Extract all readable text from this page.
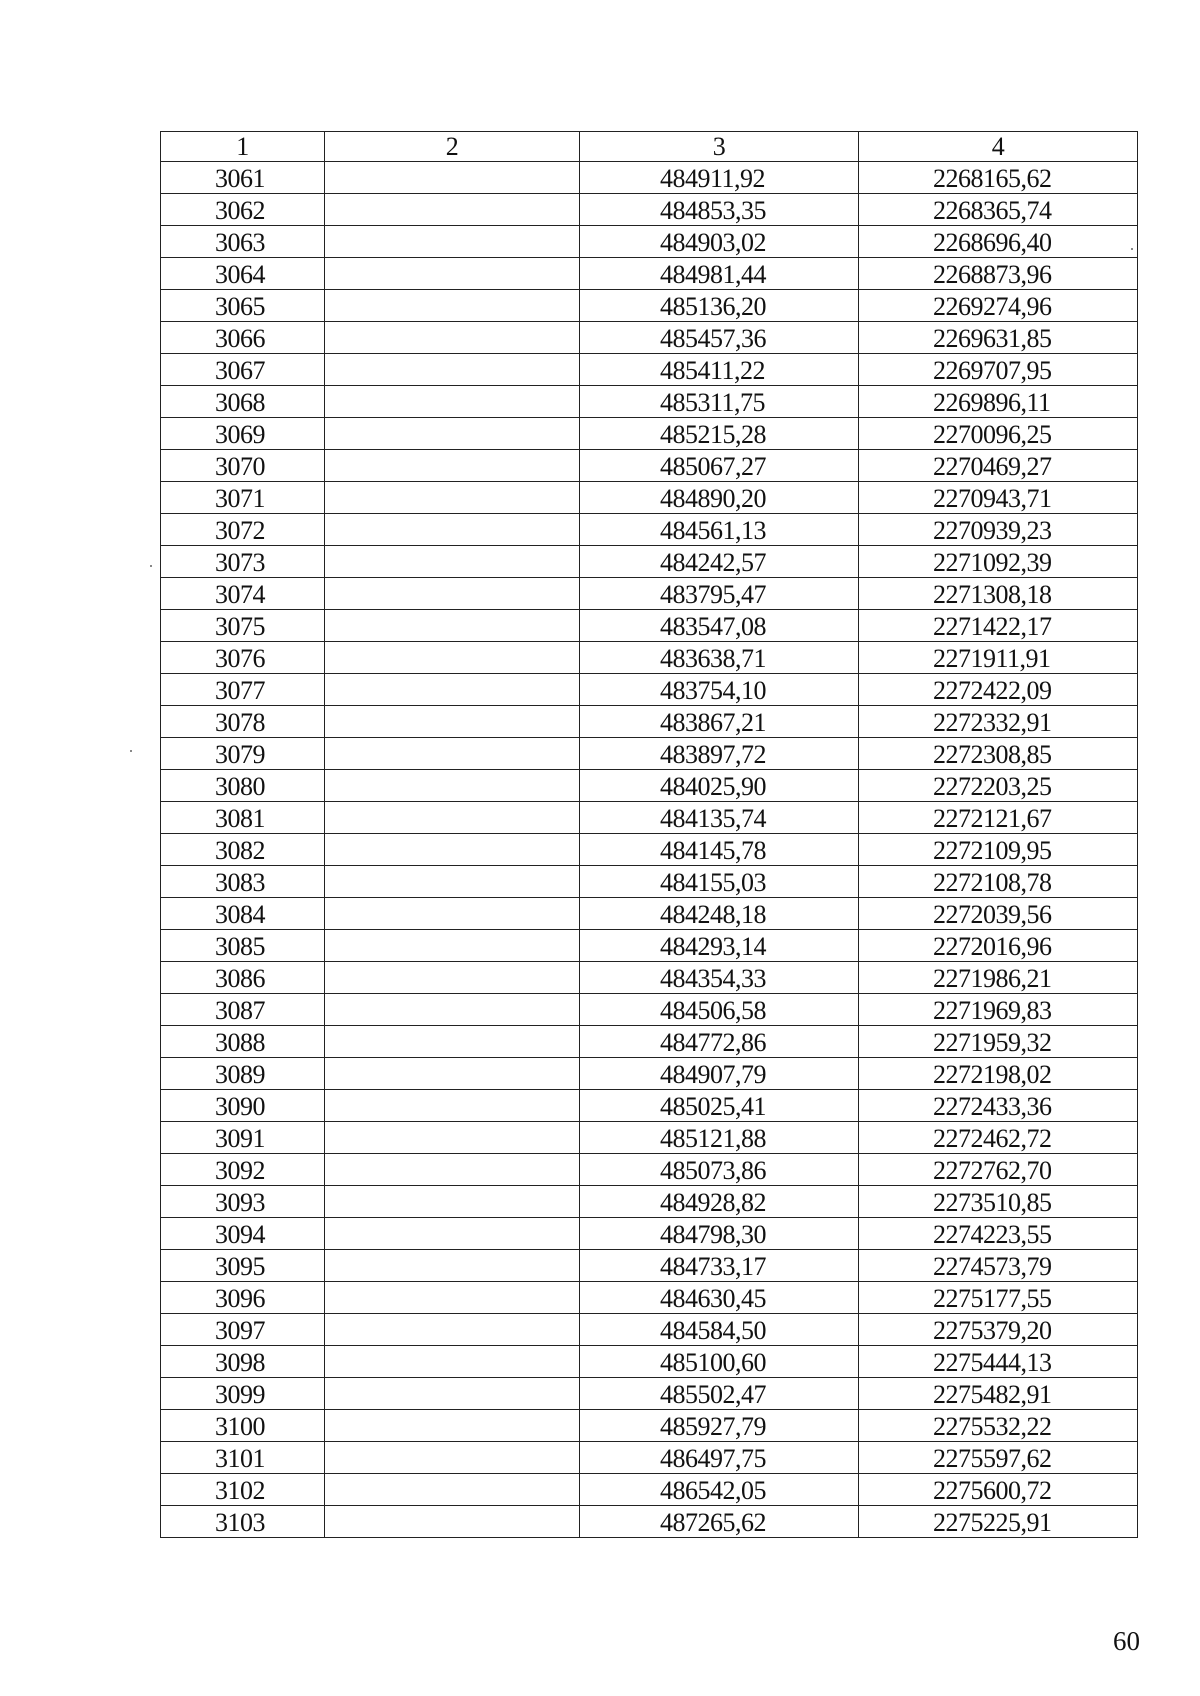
1	2	3	4
3061		484911,92	2268165,62
3062		484853,35	2268365,74
3063		484903,02	2268696,40
3064		484981,44	2268873,96
3065		485136,20	2269274,96
3066		485457,36	2269631,85
3067		485411,22	2269707,95
3068		485311,75	2269896,11
3069		485215,28	2270096,25
3070		485067,27	2270469,27
3071		484890,20	2270943,71
3072		484561,13	2270939,23
3073		484242,57	2271092,39
3074		483795,47	2271308,18
3075		483547,08	2271422,17
3076		483638,71	2271911,91
3077		483754,10	2272422,09
3078		483867,21	2272332,91
3079		483897,72	2272308,85
3080		484025,90	2272203,25
3081		484135,74	2272121,67
3082		484145,78	2272109,95
3083		484155,03	2272108,78
3084		484248,18	2272039,56
3085		484293,14	2272016,96
3086		484354,33	2271986,21
3087		484506,58	2271969,83
3088		484772,86	2271959,32
3089		484907,79	2272198,02
3090		485025,41	2272433,36
3091		485121,88	2272462,72
3092		485073,86	2272762,70
3093		484928,82	2273510,85
3094		484798,30	2274223,55
3095		484733,17	2274573,79
3096		484630,45	2275177,55
3097		484584,50	2275379,20
3098		485100,60	2275444,13
3099		485502,47	2275482,91
3100		485927,79	2275532,22
3101		486497,75	2275597,62
3102		486542,05	2275600,72
3103		487265,62	2275225,91
60
